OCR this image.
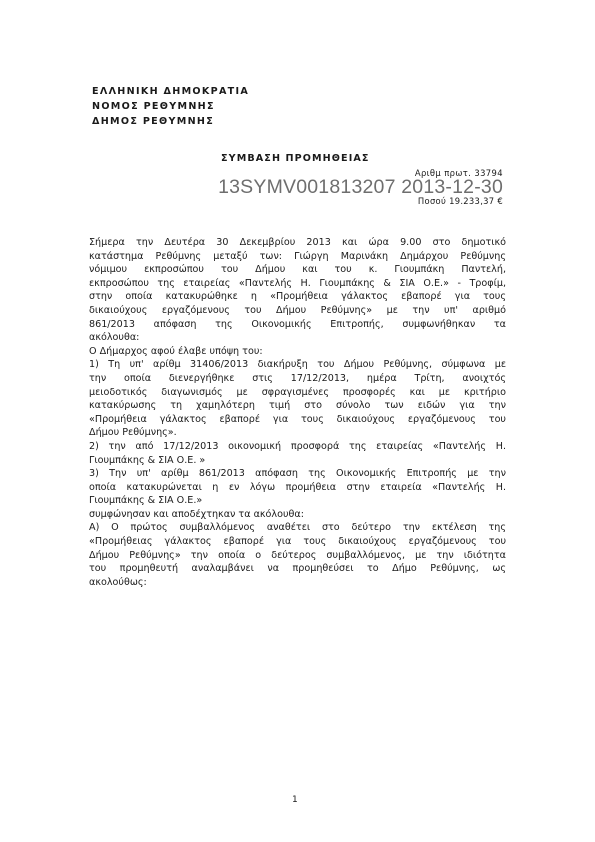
ΕΛΛΗΝΙΚΗ ΔΗΜΟΚΡΑΤΙΑ
ΝΟΜΟΣ ΡΕΘΥΜΝΗΣ
ΔΗΜΟΣ ΡΕΘΥΜΝΗΣ
ΣΥΜΒΑΣΗ ΠΡΟΜΗΘΕΙΑΣ
Αριθμ πρωτ. 33794
13SYMV001813207 2013-12-30
Ποσού 19.233,37 €

Σήμερα την Δευτέρα 30 Δεκεμβρίου 2013 και ώρα 9.00 στο δημοτικό

κατάστημα Ρεθύμνης μεταξύ των: Γιώργη Μαρινάκη Δημάρχου Ρεθύμνης

νόμιμου εκπροσώπου του Δήμου και του κ. Γιουμπάκη Παντελή,

εκπροσώπου της εταιρείας «Παντελής Η. Γιουμπάκης & ΣΙΑ Ο.Ε.» - Τροφίμ,

στην οποία κατακυρώθηκε η «Προμήθεια γάλακτος εβαπορέ για τους

δικαιούχους εργαζόμενους του Δήμου Ρεθύμνης» με την υπ' αριθμό

861/2013 απόφαση της Οικονομικής Επιτροπής, συμφωνήθηκαν τα

ακόλουθα:

Ο Δήμαρχος αφού έλαβε υπόψη του:

1) Τη υπ' αρίθμ 31406/2013 διακήρυξη του Δήμου Ρεθύμνης, σύμφωνα με

την οποία διενεργήθηκε στις 17/12/2013, ημέρα Τρίτη, ανοιχτός

μειοδοτικός διαγωνισμός με σφραγισμένες προσφορές και με κριτήριο

κατακύρωσης τη χαμηλότερη τιμή στο σύνολο των ειδών για την

«Προμήθεια γάλακτος εβαπορέ για τους δικαιούχους εργαζόμενους του

Δήμου Ρεθύμνης».

2) την από 17/12/2013 οικονομική προσφορά της εταιρείας «Παντελής Η.

Γιουμπάκης & ΣΙΑ Ο.Ε. »

3) Την υπ' αρίθμ 861/2013 απόφαση της Οικονομικής Επιτροπής με την

οποία κατακυρώνεται η εν λόγω προμήθεια στην εταιρεία «Παντελής Η.

Γιουμπάκης & ΣΙΑ Ο.Ε.»

συμφώνησαν και αποδέχτηκαν τα ακόλουθα:

Α) Ο πρώτος συμβαλλόμενος αναθέτει στο δεύτερο την εκτέλεση της

«Προμήθειας γάλακτος εβαπορέ για τους δικαιούχους εργαζόμενους του

Δήμου Ρεθύμνης» την οποία ο δεύτερος συμβαλλόμενος, με την ιδιότητα

του προμηθευτή αναλαμβάνει να προμηθεύσει το Δήμο Ρεθύμνης, ως

ακολούθως:

1
